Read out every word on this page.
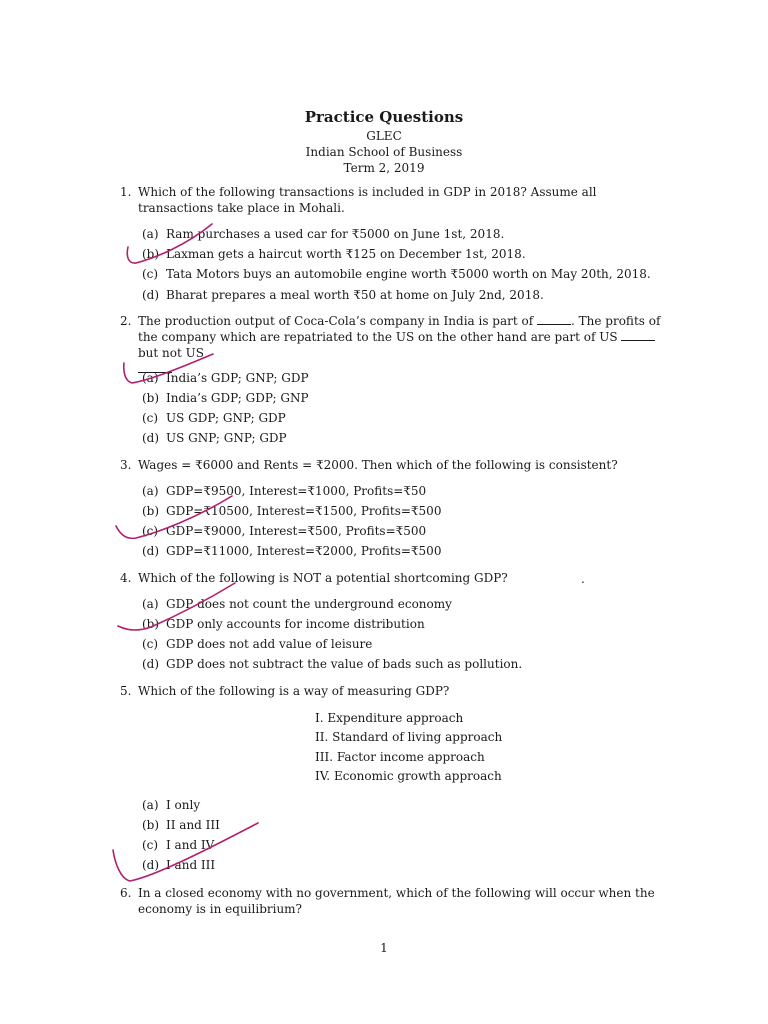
Practice Questions
GLEC
Indian School of Business
Term 2, 2019
1. Which of the following transactions is included in GDP in 2018? Assume all transactions take place in Mohali.
(a) Ram purchases a used car for ₹5000 on June 1st, 2018.
(b) Laxman gets a haircut worth ₹125 on December 1st, 2018.
(c) Tata Motors buys an automobile engine worth ₹5000 worth on May 20th, 2018.
(d) Bharat prepares a meal worth ₹50 at home on July 2nd, 2018.
2. The production output of Coca-Cola’s company in India is part of	. The profits of the company which are repatriated to the US on the other hand are part of US  but not US

(a) India’s GDP; GNP; GDP
(b) India’s GDP; GDP; GNP
(c) US GDP; GNP; GDP
(d) US GNP; GNP; GDP
3. Wages = ₹6000 and Rents = ₹2000. Then which of the following is consistent?
(a) GDP=₹9500, Interest=₹1000, Profits=₹50
(b) GDP=₹10500, Interest=₹1500, Profits=₹500
(c) GDP=₹9000, Interest=₹500, Profits=₹500
(d) GDP=₹11000, Interest=₹2000, Profits=₹500
4. Which of the following is NOT a potential shortcoming GDP?	.
(a) GDP does not count the underground economy
(b) GDP only accounts for income distribution
(c) GDP does not add value of leisure
(d) GDP does not subtract the value of bads such as pollution.
5. Which of the following is a way of measuring GDP?
I. Expenditure approach
II. Standard of living approach
III. Factor income approach
IV. Economic growth approach
(a) I only
(b) II and III
(c) I and IV
(d) I and III
6. In a closed economy with no government, which of the following will occur when the economy is in equilibrium?
1
